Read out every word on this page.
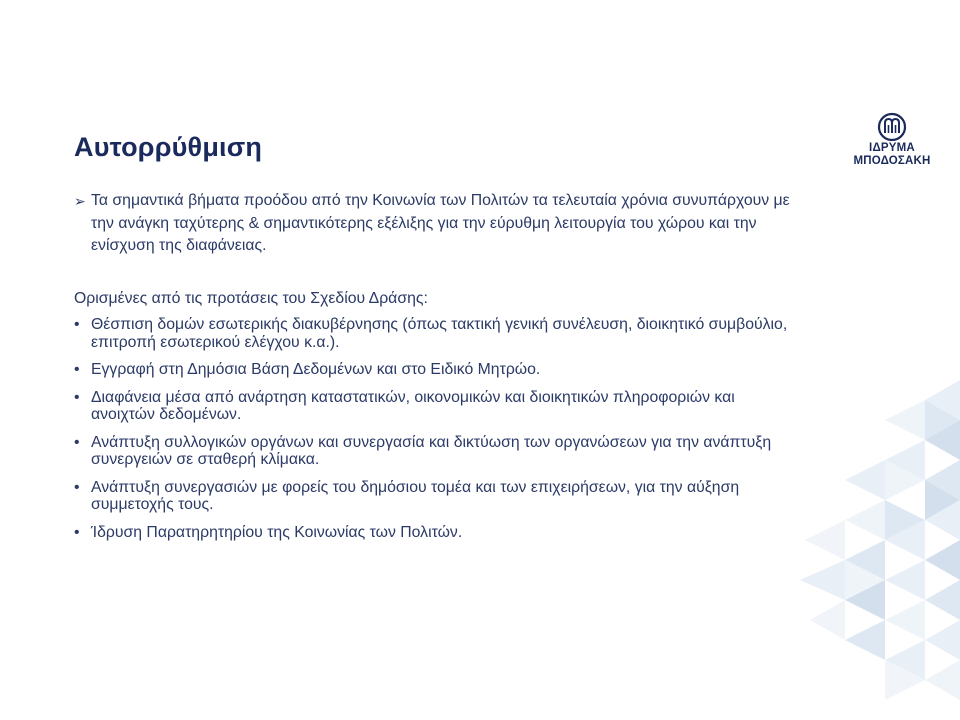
Αυτορρύθμιση	ΙΔΡΥΜΑ
ΜΠΟΔΟΣΑΚΗ
➢ Τα σημαντικά βήματα προόδου από την Κοινωνία των Πολιτών τα τελευταία χρόνια συνυπάρχουν με την ανάγκη ταχύτερης & σημαντικότερης εξέλιξης για την εύρυθμη λειτουργία του χώρου και την ενίσχυση της διαφάνειας.
Ορισμένες από τις προτάσεις του Σχεδίου Δράσης:
• Θέσπιση δομών εσωτερικής διακυβέρνησης (όπως τακτική γενική συνέλευση, διοικητικό συμβούλιο, επιτροπή εσωτερικού ελέγχου κ.α.).
• Εγγραφή στη Δημόσια Βάση Δεδομένων και στο Ειδικό Μητρώο.
• Διαφάνεια μέσα από ανάρτηση καταστατικών, οικονομικών και διοικητικών πληροφοριών και ανοιχτών δεδομένων.
• Ανάπτυξη συλλογικών οργάνων και συνεργασία και δικτύωση των οργανώσεων για την ανάπτυξη συνεργειών σε σταθερή κλίμακα.
• Ανάπτυξη συνεργασιών με φορείς του δημόσιου τομέα και των επιχειρήσεων, για την αύξηση συμμετοχής τους.
• Ίδρυση Παρατηρητηρίου της Κοινωνίας των Πολιτών.
